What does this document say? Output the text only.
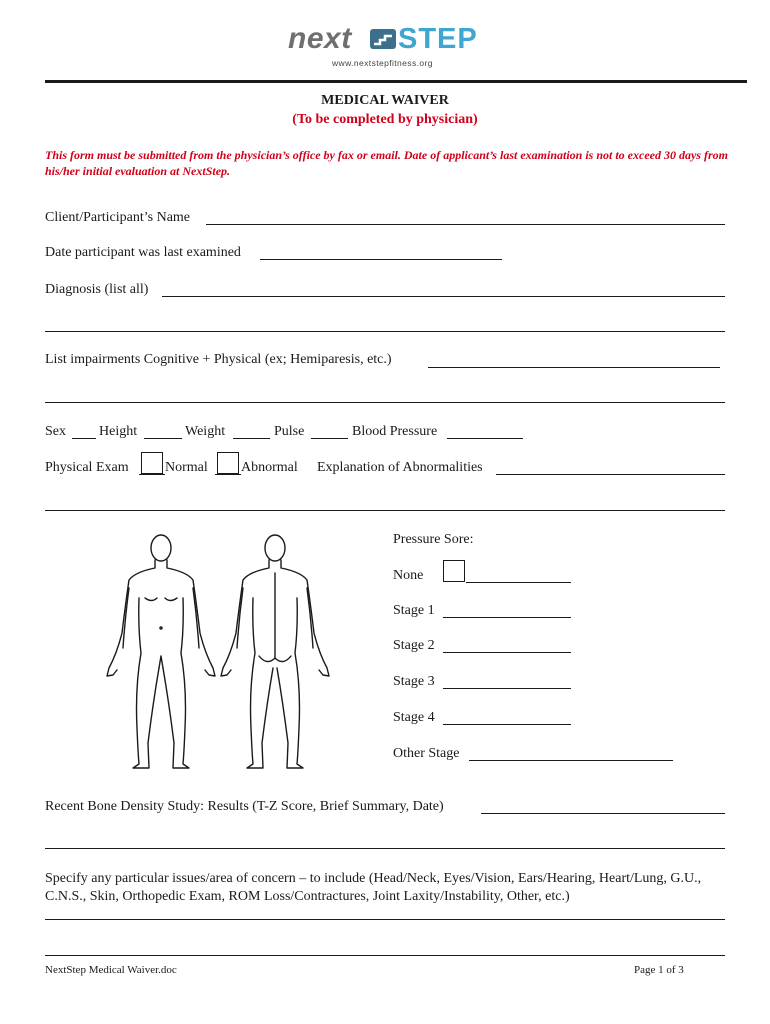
next STEP
www.nextstepfitness.org
MEDICAL WAIVER
(To be completed by physician)
This form must be submitted from the physician’s office by fax or email. Date of applicant’s last examination is not to exceed 30 days from his/her initial evaluation at NextStep.
Client/Participant’s Name
Date participant was last examined
Diagnosis (list all)
List impairments Cognitive + Physical (ex; Hemiparesis, etc.)
Sex Height	Weight	Pulse	Blood Pressure
Physical Exam	Normal Abnormal Explanation of Abnormalities
Pressure Sore:
None
Stage 1
Stage 2
Stage 3
Stage 4
Other Stage
Recent Bone Density Study: Results (T-Z Score, Brief Summary, Date)
Specify any particular issues/area of concern – to include (Head/Neck, Eyes/Vision, Ears/Hearing, Heart/Lung, G.U., C.N.S., Skin, Orthopedic Exam, ROM Loss/Contractures, Joint Laxity/Instability, Other, etc.)
NextStep Medical Waiver.doc	Page 1 of 3
